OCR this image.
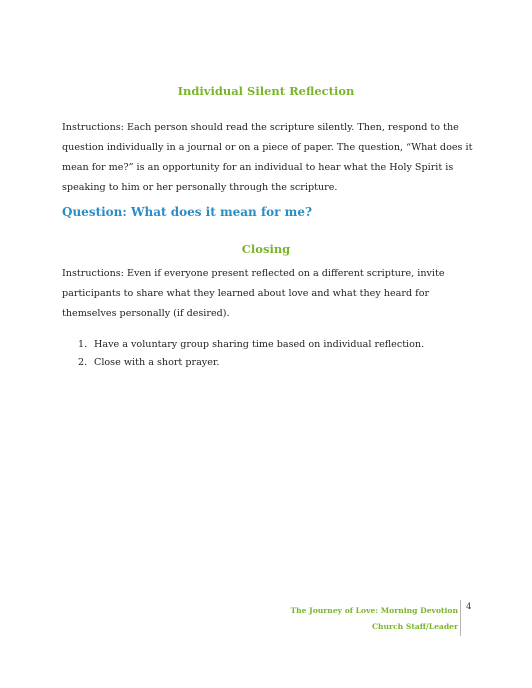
Individual Silent Reflection
Instructions: Each person should read the scripture silently. Then, respond to the question individually in a journal or on a piece of paper. The question, “What does it mean for me?” is an opportunity for an individual to hear what the Holy Spirit is speaking to him or her personally through the scripture.
Question: What does it mean for me?
Closing
Instructions: Even if everyone present reflected on a different scripture, invite participants to share what they learned about love and what they heard for themselves personally (if desired).
1. Have a voluntary group sharing time based on individual reflection.
2. Close with a short prayer.
The Journey of Love: Morning Devotion
Church Staff/Leader
4
